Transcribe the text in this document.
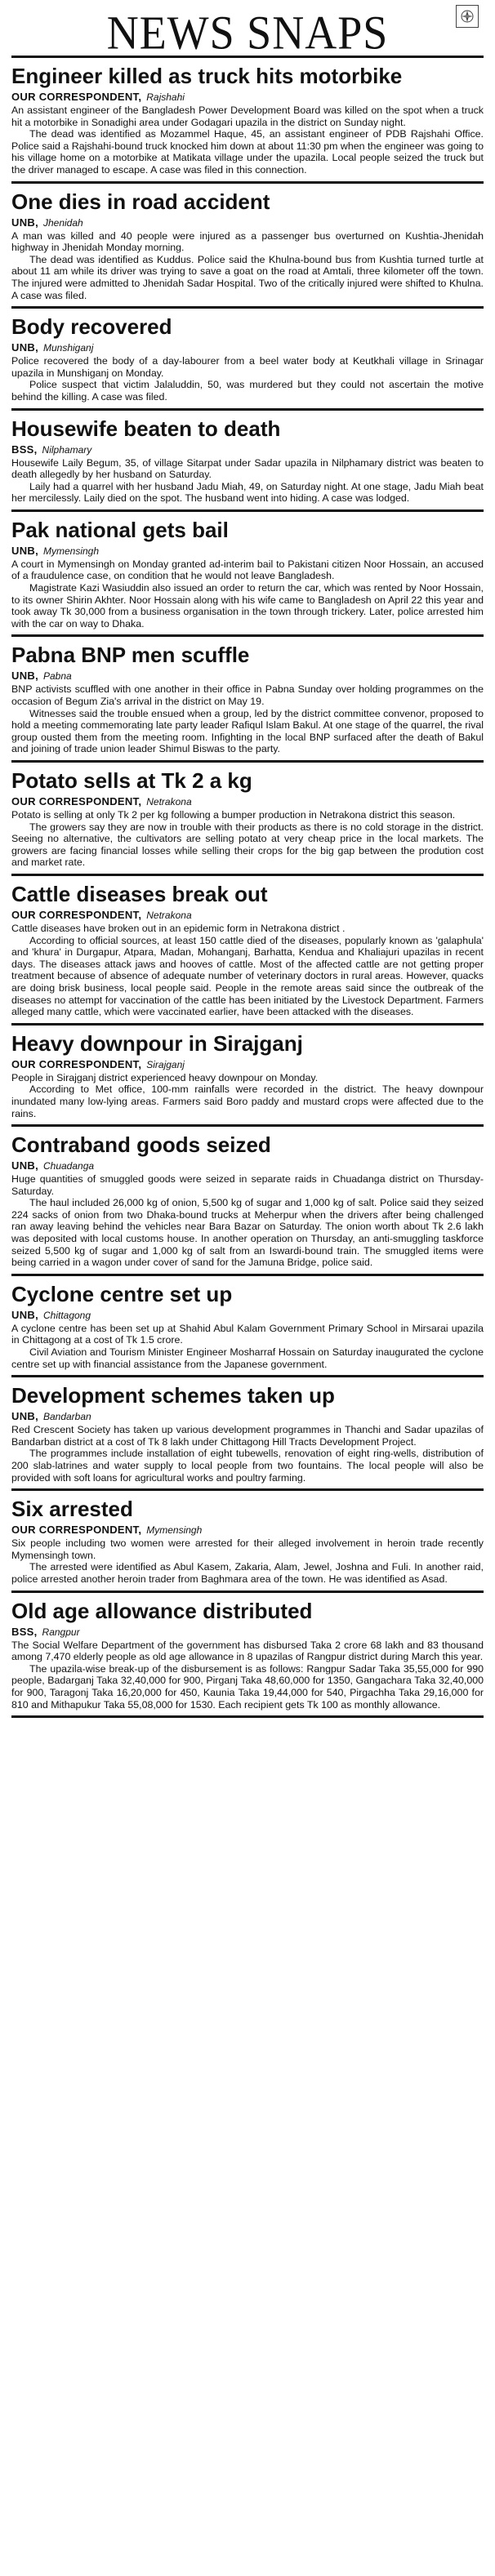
NEWS SNAPS
Engineer killed as truck hits motorbike
OUR CORRESPONDENT, Rajshahi

An assistant engineer of the Bangladesh Power Development Board was killed on the spot when a truck hit a motorbike in Sonadighi area under Godagari upazila in the district on Sunday night.

The dead was identified as Mozammel Haque, 45, an assistant engineer of PDB Rajshahi Office. Police said a Rajshahi-bound truck knocked him down at about 11:30 pm when the engineer was going to his village home on a motorbike at Matikata village under the upazila. Local people seized the truck but the driver managed to escape. A case was filed in this connection.

One dies in road accident
UNB, Jhenidah

A man was killed and 40 people were injured as a passenger bus overturned on Kushtia-Jhenidah highway in Jhenidah Monday morning.

The dead was identified as Kuddus. Police said the Khulna-bound bus from Kushtia turned turtle at about 11 am while its driver was trying to save a goat on the road at Amtali, three kilometer off the town. The injured were admitted to Jhenidah Sadar Hospital. Two of the critically injured were shifted to Khulna. A case was filed.

Body recovered
UNB, Munshiganj

Police recovered the body of a day-labourer from a beel water body at Keutkhali village in Srinagar upazila in Munshiganj on Monday.

Police suspect that victim Jalaluddin, 50, was murdered but they could not ascertain the motive behind the killing. A case was filed.

Housewife beaten to death
BSS, Nilphamary

Housewife Laily Begum, 35, of village Sitarpat under Sadar upazila in Nilphamary district was beaten to death allegedly by her husband on Saturday.

Laily had a quarrel with her husband Jadu Miah, 49, on Saturday night. At one stage, Jadu Miah beat her mercilessly. Laily died on the spot. The husband went into hiding. A case was lodged.

Pak national gets bail
UNB, Mymensingh

A court in Mymensingh on Monday granted ad-interim bail to Pakistani citizen Noor Hossain, an accused of a fraudulence case, on condition that he would not leave Bangladesh.

Magistrate Kazi Wasiuddin also issued an order to return the car, which was rented by Noor Hossain, to its owner Shirin Akhter. Noor Hossain along with his wife came to Bangladesh on April 22 this year and took away Tk 30,000 from a business organisation in the town through trickery. Later, police arrested him with the car on way to Dhaka.

Pabna BNP men scuffle
UNB, Pabna

BNP activists scuffled with one another in their office in Pabna Sunday over holding programmes on the occasion of Begum Zia's arrival in the district on May 19.

Witnesses said the trouble ensued when a group, led by the district committee convenor, proposed to hold a meeting commemorating late party leader Rafiqul Islam Bakul. At one stage of the quarrel, the rival group ousted them from the meeting room. Infighting in the local BNP surfaced after the death of Bakul and joining of trade union leader Shimul Biswas to the party.

Potato sells at Tk 2 a kg
OUR CORRESPONDENT, Netrakona

Potato is selling at only Tk 2 per kg following a bumper production in Netrakona district this season.

The growers say they are now in trouble with their products as there is no cold storage in the district. Seeing no alternative, the cultivators are selling potato at very cheap price in the local markets. The growers are facing financial losses while selling their crops for the big gap between the prodution cost and market rate.

Cattle diseases break out
OUR CORRESPONDENT, Netrakona

Cattle diseases have broken out in an epidemic form in Netrakona district .

According to official sources, at least 150 cattle died of the diseases, popularly known as 'galaphula' and 'khura' in Durgapur, Atpara, Madan, Mohanganj, Barhatta, Kendua and Khaliajuri upazilas in recent days. The diseases attack jaws and hooves of cattle. Most of the affected cattle are not getting proper treatment because of absence of adequate number of veterinary doctors in rural areas. However, quacks are doing brisk business, local people said. People in the remote areas said since the outbreak of the diseases no attempt for vaccination of the cattle has been initiated by the Livestock Department. Farmers alleged many cattle, which were vaccinated earlier, have been attacked with the diseases.

Heavy downpour in Sirajganj
OUR CORRESPONDENT, Sirajganj

People in Sirajganj district experienced heavy downpour on Monday.

According to Met office, 100-mm rainfalls were recorded in the district. The heavy downpour inundated many low-lying areas. Farmers said Boro paddy and mustard crops were affected due to the rains.

Contraband goods seized
UNB, Chuadanga

Huge quantities of smuggled goods were seized in separate raids in Chuadanga district on Thursday-Saturday.

The haul included 26,000 kg of onion, 5,500 kg of sugar and 1,000 kg of salt. Police said they seized 224 sacks of onion from two Dhaka-bound trucks at Meherpur when the drivers after being challenged ran away leaving behind the vehicles near Bara Bazar on Saturday. The onion worth about Tk 2.6 lakh was deposited with local customs house. In another operation on Thursday, an anti-smuggling taskforce seized 5,500 kg of sugar and 1,000 kg of salt from an Iswardi-bound train. The smuggled items were being carried in a wagon under cover of sand for the Jamuna Bridge, police said.

Cyclone centre set up
UNB, Chittagong

A cyclone centre has been set up at Shahid Abul Kalam Government Primary School in Mirsarai upazila in Chittagong at a cost of Tk 1.5 crore.

Civil Aviation and Tourism Minister Engineer Mosharraf Hossain on Saturday inaugurated the cyclone centre set up with financial assistance from the Japanese government.

Development schemes taken up
UNB, Bandarban

Red Crescent Society has taken up various development programmes in Thanchi and Sadar upazilas of Bandarban district at a cost of Tk 8 lakh under Chittagong Hill Tracts Development Project.

The programmes include installation of eight tubewells, renovation of eight ring-wells, distribution of 200 slab-latrines and water supply to local people from two fountains. The local people will also be provided with soft loans for agricultural works and poultry farming.

Six arrested
OUR CORRESPONDENT, Mymensingh

Six people including two women were arrested for their alleged involvement in heroin trade recently Mymensingh town.

The arrested were identified as Abul Kasem, Zakaria, Alam, Jewel, Joshna and Fuli. In another raid, police arrested another heroin trader from Baghmara area of the town. He was identified as Asad.

Old age allowance distributed
BSS, Rangpur

The Social Welfare Department of the government has disbursed Taka 2 crore 68 lakh and 83 thousand among 7,470 elderly people as old age allowance in 8 upazilas of Rangpur district during March this year.

The upazila-wise break-up of the disbursement is as follows: Rangpur Sadar Taka 35,55,000 for 990 people, Badarganj Taka 32,40,000 for 900, Pirganj Taka 48,60,000 for 1350, Gangachara Taka 32,40,000 for 900, Taragonj Taka 16,20,000 for 450, Kaunia Taka 19,44,000 for 540, Pirgachha Taka 29,16,000 for 810 and Mithapukur Taka 55,08,000 for 1530. Each recipient gets Tk 100 as monthly allowance.
